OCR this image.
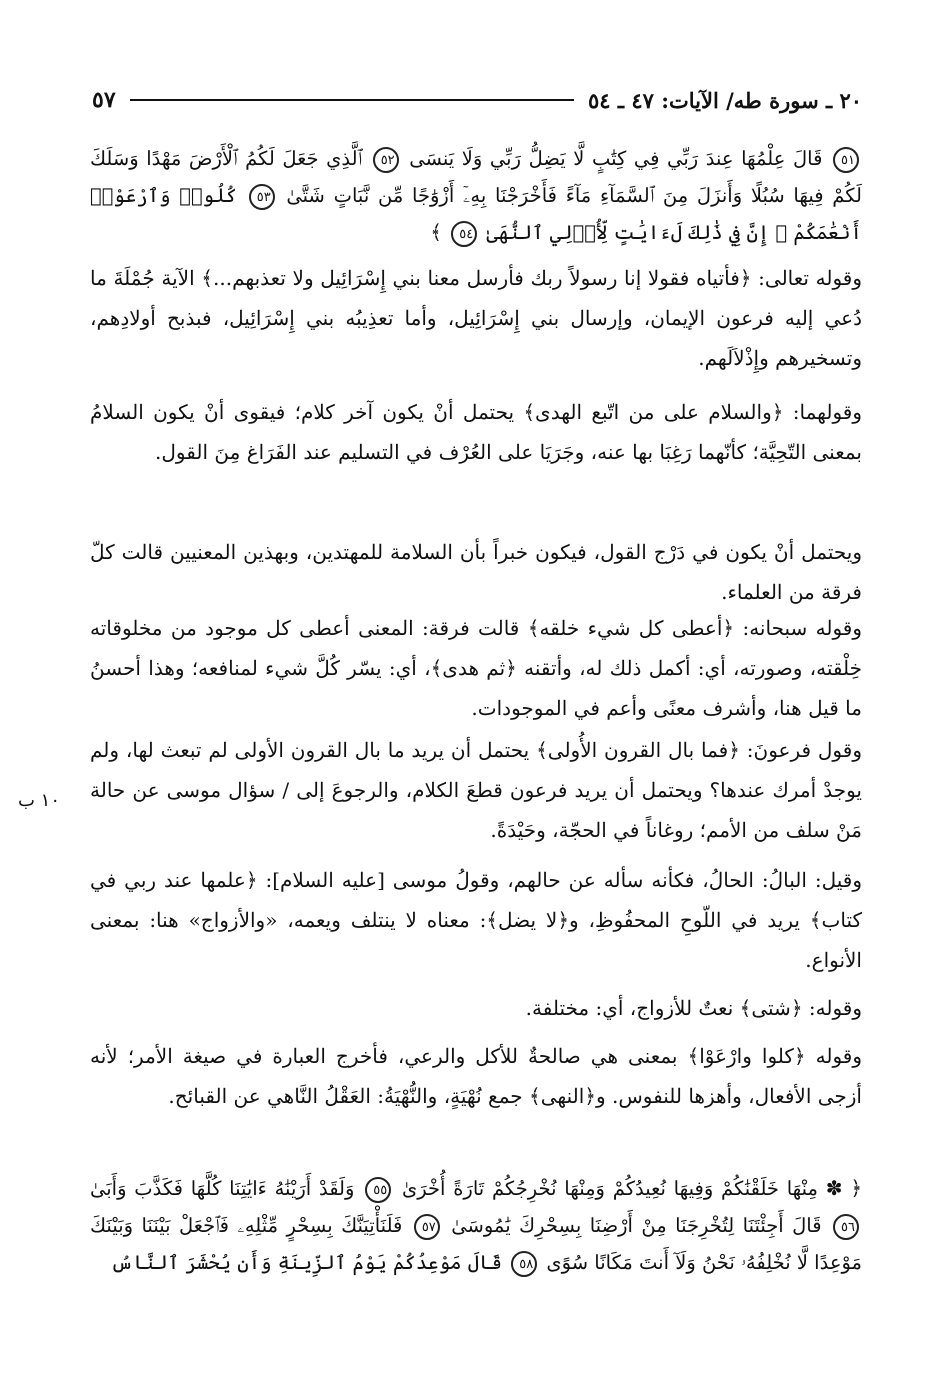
٢٠ ـ سورة طه/ الآيات: ٤٧ ـ ٥٤
٥٧
٥١ قَالَ عِلْمُهَا عِندَ رَبِّي فِي كِتَٰبٍ لَّا يَضِلُّ رَبِّي وَلَا يَنسَى ٥٢ ٱلَّذِي جَعَلَ لَكُمُ ٱلْأَرْضَ مَهْدًا وَسَلَكَ لَكُمْ فِيهَا سُبُلًا وَأَنزَلَ مِنَ ٱلسَّمَآءِ مَآءً فَأَخْرَجْنَا بِهِۦٓ أَزْوَٰجًا مِّن نَّبَاتٍ شَتَّىٰ ٥٣ كُلُوا۟ وَٱرْعَوْا۟ أَنْعَٰمَكُمْ ۗ إِنَّ فِي ذَٰلِكَ لَءَايَٰتٍ لِّأُو۟لِي ٱلنُّهَىٰ ٥٤ ﴾

وقوله تعالى: ﴿فأتياه فقولا إنا رسولاً ربك فأرسل معنا بني إِسْرَائِيل ولا تعذبهم...﴾ الآية جُمْلَةَ ما دُعي إليه فرعون الإيمان، وإرسال بني إِسْرَائِيل، وأما تعذِيبُه بني إِسْرَائِيل، فبذبح أولادِهم، وتسخيرهم وإِذْلاَلَهم.

وقولهما: ﴿والسلام على من اتّبع الهدى﴾ يحتمل أنْ يكون آخر كلام؛ فيقوى أنْ يكون السلامُ بمعنى التّحِيَّة؛ كأنّهما رَغِبَا بها عنه، وجَرَيَا على العُرْف في التسليم عند الفَرَاغ مِنَ القول.

ويحتمل أنْ يكون في دَرْج القول، فيكون خبراً بأن السلامة للمهتدين، وبهذين المعنيين قالت كلّ فرقة من العلماء.

وقوله سبحانه: ﴿أعطى كل شيء خلقه﴾ قالت فرقة: المعنى أعطى كل موجود من مخلوقاته خِلْقته، وصورته، أي: أكمل ذلك له، وأتقنه ﴿ثم هدى﴾، أي: يسّر كُلَّ شيء لمنافعه؛ وهذا أحسنُ ما قيل هنا، وأشرف معنًى وأعم في الموجودات.

وقول فرعونَ: ﴿فما بال القرون الأُولى﴾ يحتمل أن يريد ما بال القرون الأولى لم تبعث لها، ولم يوجدْ أمرك عندها؟ ويحتمل أن يريد فرعون قطعَ الكلام، والرجوعَ إلى / سؤال موسى عن حالة مَنْ سلف من الأمم؛ روغاناً في الحجّة، وحَيْدَةً.

وقيل: البالُ: الحالُ، فكأنه سأله عن حالهم، وقولُ موسى [عليه السلام]: ﴿علمها عند ربي في كتاب﴾ يريد في اللّوحِ المحفُوظِ، و﴿لا يضل﴾: معناه لا ينتلف ويعمه، «والأزواج» هنا: بمعنى الأنواع.

وقوله: ﴿شتى﴾ نعتٌ للأزواج، أي: مختلفة.

وقوله ﴿كلوا وارْعَوْا﴾ بمعنى هي صالحةٌ للأكل والرعي، فأخرج العبارة في صيغة الأمر؛ لأنه أزجى الأفعال، وأهزها للنفوس. و﴿النهى﴾ جمع نُهْيَةٍ، والنُّهْيَةُ: العَقْلُ النَّاهي عن القبائح.

١٠ ب
﴿ ✽ مِنْهَا خَلَقْنَٰكُمْ وَفِيهَا نُعِيدُكُمْ وَمِنْهَا نُخْرِجُكُمْ تَارَةً أُخْرَىٰ ٥٥ وَلَقَدْ أَرَيْنَٰهُ ءَايَٰتِنَا كُلَّهَا فَكَذَّبَ وَأَبَىٰ ٥٦ قَالَ أَجِئْتَنَا لِتُخْرِجَنَا مِنْ أَرْضِنَا بِسِحْرِكَ يَٰمُوسَىٰ ٥٧ فَلَنَأْتِيَنَّكَ بِسِحْرٍ مِّثْلِهِۦ فَٱجْعَلْ بَيْنَنَا وَبَيْنَكَ مَوْعِدًا لَّا نُخْلِفُهُۥ نَحْنُ وَلَآ أَنتَ مَكَانًا سُوًى ٥٨ قَالَ مَوْعِدُكُمْ يَوْمُ ٱلزِّينَةِ وَأَن يُحْشَرَ ٱلنَّاسُ
